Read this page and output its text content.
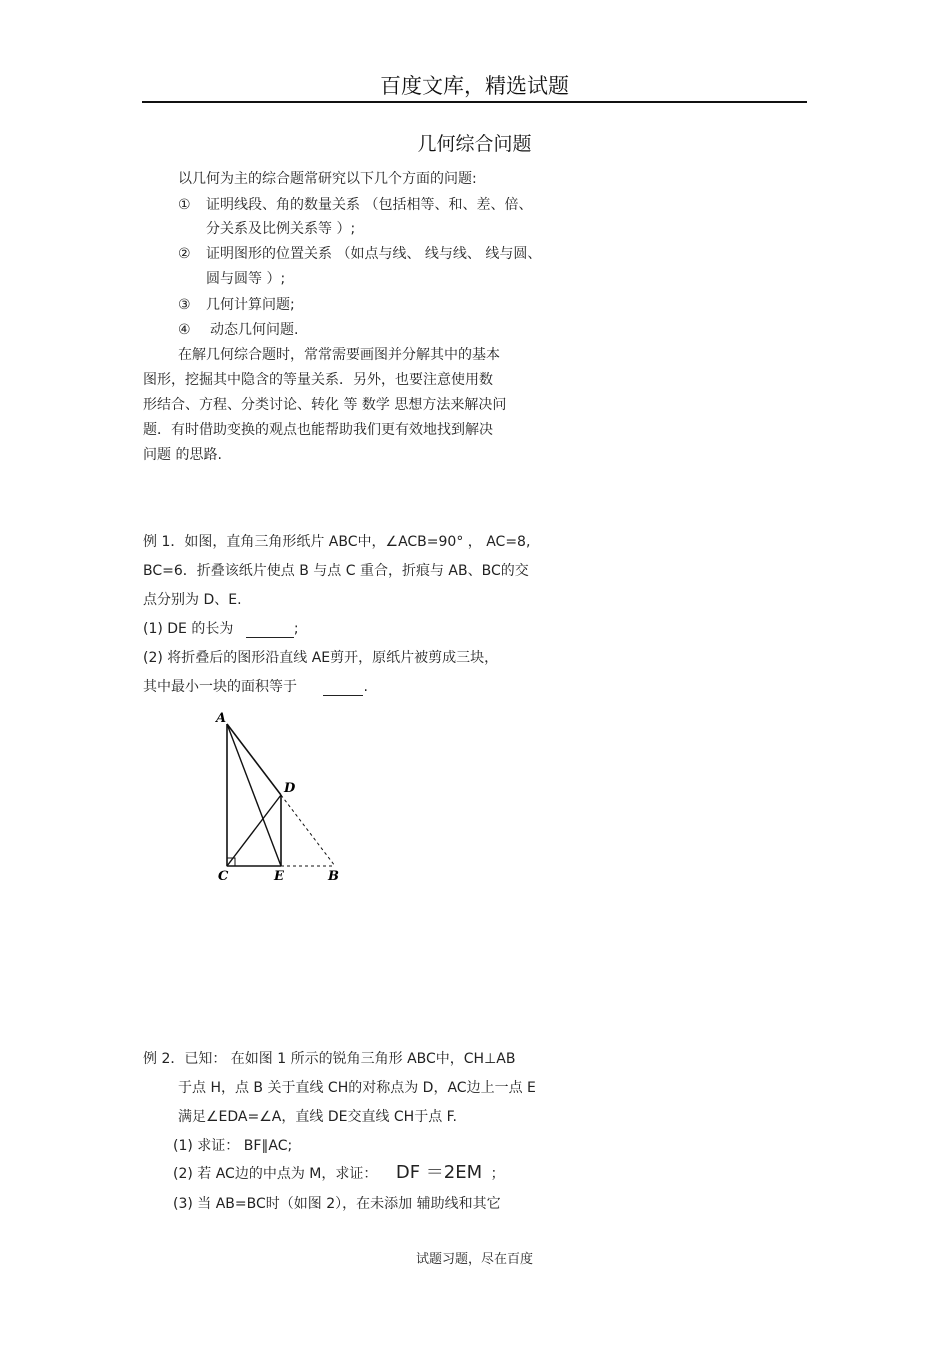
百度文库，精选试题
几何综合问题
以几何为主的综合题常研究以下几个方面的问题:
① 证明线段、角的数量关系 （包括相等、和、差、倍、
分关系及比例关系等 ）;
② 证明图形的位置关系 （如点与线、 线与线、 线与圆、
圆与圆等 ）;
③ 几何计算问题;
④ 动态几何问题.
在解几何综合题时，常常需要画图并分解其中的基本
图形，挖掘其中隐含的等量关系．另外，也要注意使用数
形结合、方程、分类讨论、转化 等 数学 思想方法来解决问
题．有时借助变换的观点也能帮助我们更有效地找到解决
问题 的思路.
例 1．如图，直角三角形纸片 ABC中，∠ACB=90° ， AC=8,
BC=6．折叠该纸片使点 B 与点 C 重合，折痕与 AB、BC的交
点分别为 D、E.
(1) DE 的长为	;
(2) 将折叠后的图形沿直线 AE剪开，原纸片被剪成三块，
其中最小一块的面积等于	.
A
D
C	E	B
例 2．已知： 在如图 1 所示的锐角三角形 ABC中，CH⊥AB
于点 H，点 B 关于直线 CH的对称点为 D，AC边上一点 E
满足∠EDA=∠A，直线 DE交直线 CH于点 F.
(1) 求证： BF∥AC;
(2) 若 AC边的中点为 M，求证： DF ＝2EM ；
(3) 当 AB=BC时（如图 2），在未添加 辅助线和其它
试题习题，尽在百度
